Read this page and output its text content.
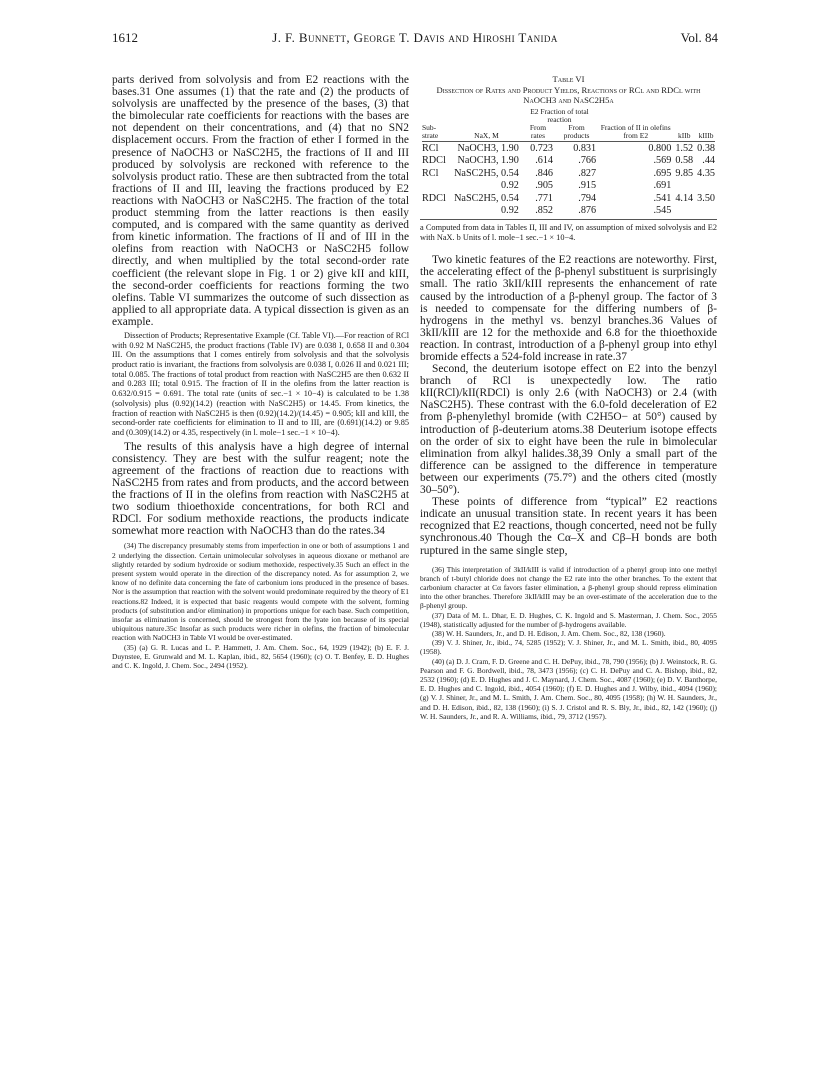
1612	J. F. Bunnett, George T. Davis and Hiroshi Tanida	Vol. 84

parts derived from solvolysis and from E2 reactions with the bases.31 One assumes (1) that the rate and (2) the products of solvolysis are unaffected by the presence of the bases, (3) that the bimolecular rate coefficients for reactions with the bases are not dependent on their concentrations, and (4) that no SN2 displacement occurs. From the fraction of ether I formed in the presence of NaOCH3 or NaSC2H5, the fractions of II and III produced by solvolysis are reckoned with reference to the solvolysis product ratio. These are then subtracted from the total fractions of II and III, leaving the fractions produced by E2 reactions with NaOCH3 or NaSC2H5. The fraction of the total product stemming from the latter reactions is then easily computed, and is compared with the same quantity as derived from kinetic information. The fractions of II and of III in the olefins from reaction with NaOCH3 or NaSC2H5 follow directly, and when multiplied by the total second-order rate coefficient (the relevant slope in Fig. 1 or 2) give kII and kIII, the second-order coefficients for reactions forming the two olefins. Table VI summarizes the outcome of such dissection as applied to all appropriate data. A typical dissection is given as an example.

Dissection of Products; Representative Example (Cf. Table VI).—For reaction of RCl with 0.92 M NaSC2H5, the product fractions (Table IV) are 0.038 I, 0.658 II and 0.304 III. On the assumptions that I comes entirely from solvolysis and that the solvolysis product ratio is invariant, the fractions from solvolysis are 0.038 I, 0.026 II and 0.021 III; total 0.085. The fractions of total product from reaction with NaSC2H5 are then 0.632 II and 0.283 III; total 0.915. The fraction of II in the olefins from the latter reaction is 0.632/0.915 = 0.691. The total rate (units of sec.−1 × 10−4) is calculated to be 1.38 (solvolysis) plus (0.92)(14.2) (reaction with NaSC2H5) or 14.45. From kinetics, the fraction of reaction with NaSC2H5 is then (0.92)(14.2)/(14.45) = 0.905; kII and kIII, the second-order rate coefficients for elimination to II and to III, are (0.691)(14.2) or 9.85 and (0.309)(14.2) or 4.35, respectively (in l. mole−1 sec.−1 × 10−4).

The results of this analysis have a high degree of internal consistency. They are best with the sulfur reagent; note the agreement of the fractions of reaction due to reactions with NaSC2H5 from rates and from products, and the accord between the fractions of II in the olefins from reaction with NaSC2H5 at two sodium thioethoxide concentrations, for both RCl and RDCl. For sodium methoxide reactions, the products indicate somewhat more reaction with NaOCH3 than do the rates.34

(34) The discrepancy presumably stems from imperfection in one or both of assumptions 1 and 2 underlying the dissection. Certain unimolecular solvolyses in aqueous dioxane or methanol are slightly retarded by sodium hydroxide or sodium methoxide, respectively.35 Such an effect in the present system would operate in the direction of the discrepancy noted. As for assumption 2, we know of no definite data concerning the fate of carbonium ions produced in the presence of bases. Nor is the assumption that reaction with the solvent would predominate required by the theory of E1 reactions.82 Indeed, it is expected that basic reagents would compete with the solvent, forming products (of substitution and/or elimination) in proportions unique for each base. Such competition, insofar as elimination is concerned, should be strongest from the lyate ion because of its special ubiquitous nature.35c Insofar as such products were richer in olefins, the fraction of bimolecular reaction with NaOCH3 in Table VI would be over-estimated.

(35) (a) G. R. Lucas and L. P. Hammett, J. Am. Chem. Soc., 64, 1929 (1942); (b) E. F. J. Duynstee, E. Grunwald and M. L. Kaplan, ibid., 82, 5654 (1960); (c) O. T. Benfey, E. D. Hughes and C. K. Ingold, J. Chem. Soc., 2494 (1952).

Table VI
Dissection of Rates and Product Yields, Reactions of RCl and RDCl with NaOCH3 and NaSC2H5a
		E2 Fraction of total reaction				
Sub-strate	NaX, M	From rates	From products	Fraction of II in olefins from E2	kIIb	kIIIb

RCl	NaOCH3, 1.90	0.723	0.831	0.800	1.52	0.38
RDCl	NaOCH3, 1.90	.614	.766	.569	0.58	.44
RCl	NaSC2H5, 0.54	.846	.827	.695	9.85	4.35
	0.92	.905	.915	.691		
RDCl	NaSC2H5, 0.54	.771	.794	.541	4.14	3.50
	0.92	.852	.876	.545		
a Computed from data in Tables II, III and IV, on assumption of mixed solvolysis and E2 with NaX. b Units of l. mole−1 sec.−1 × 10−4.

Two kinetic features of the E2 reactions are noteworthy. First, the accelerating effect of the β-phenyl substituent is surprisingly small. The ratio 3kII/kIII represents the enhancement of rate caused by the introduction of a β-phenyl group. The factor of 3 is needed to compensate for the differing numbers of β-hydrogens in the methyl vs. benzyl branches.36 Values of 3kII/kIII are 12 for the methoxide and 6.8 for the thioethoxide reaction. In contrast, introduction of a β-phenyl group into ethyl bromide effects a 524-fold increase in rate.37

Second, the deuterium isotope effect on E2 into the benzyl branch of RCl is unexpectedly low. The ratio kII(RCl)/kII(RDCl) is only 2.6 (with NaOCH3) or 2.4 (with NaSC2H5). These contrast with the 6.0-fold deceleration of E2 from β-phenylethyl bromide (with C2H5O− at 50°) caused by introduction of β-deuterium atoms.38 Deuterium isotope effects on the order of six to eight have been the rule in bimolecular elimination from alkyl halides.38,39 Only a small part of the difference can be assigned to the difference in temperature between our experiments (75.7°) and the others cited (mostly 30–50°).

These points of difference from “typical” E2 reactions indicate an unusual transition state. In recent years it has been recognized that E2 reactions, though concerted, need not be fully synchronous.40 Though the Cα–X and Cβ–H bonds are both ruptured in the same single step,

(36) This interpretation of 3kII/kIII is valid if introduction of a phenyl group into one methyl branch of t-butyl chloride does not change the E2 rate into the other branches. To the extent that carbonium character at Cα favors faster elimination, a β-phenyl group should repress elimination into the other branches. Therefore 3kII/kIII may be an over-estimate of the acceleration due to the β-phenyl group.

(37) Data of M. L. Dhar, E. D. Hughes, C. K. Ingold and S. Masterman, J. Chem. Soc., 2055 (1948), statistically adjusted for the number of β-hydrogens available.

(38) W. H. Saunders, Jr., and D. H. Edison, J. Am. Chem. Soc., 82, 138 (1960).

(39) V. J. Shiner, Jr., ibid., 74, 5285 (1952); V. J. Shiner, Jr., and M. L. Smith, ibid., 80, 4095 (1958).

(40) (a) D. J. Cram, F. D. Greene and C. H. DePuy, ibid., 78, 790 (1956); (b) J. Weinstock, R. G. Pearson and F. G. Bordwell, ibid., 78, 3473 (1956); (c) C. H. DePuy and C. A. Bishop, ibid., 82, 2532 (1960); (d) E. D. Hughes and J. C. Maynard, J. Chem. Soc., 4087 (1960); (e) D. V. Banthorpe, E. D. Hughes and C. Ingold, ibid., 4054 (1960); (f) E. D. Hughes and J. Wilby, ibid., 4094 (1960); (g) V. J. Shiner, Jr., and M. L. Smith, J. Am. Chem. Soc., 80, 4095 (1958); (h) W. H. Saunders, Jr., and D. H. Edison, ibid., 82, 138 (1960); (i) S. J. Cristol and R. S. Bly, Jr., ibid., 82, 142 (1960); (j) W. H. Saunders, Jr., and R. A. Williams, ibid., 79, 3712 (1957).
